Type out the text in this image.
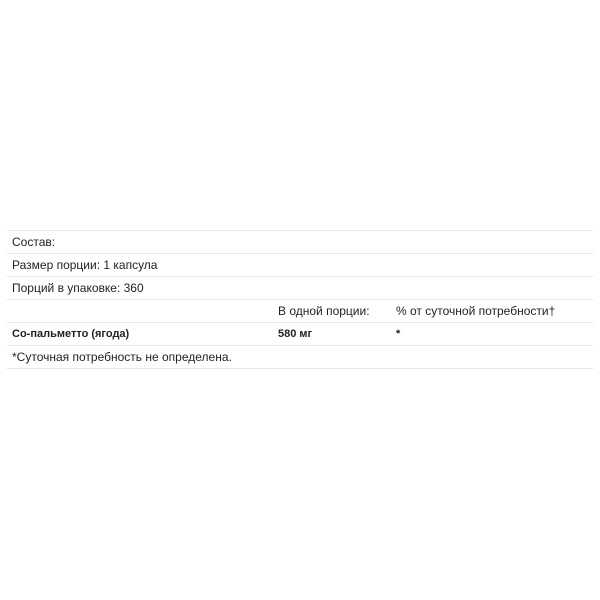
Состав:		
Размер порции: 1 капсула		
Порций в упаковке: 360		
	В одной порции:	% от суточной потребности†
Со-пальметто (ягода)	580 мг	*
*Суточная потребность не определена.		
